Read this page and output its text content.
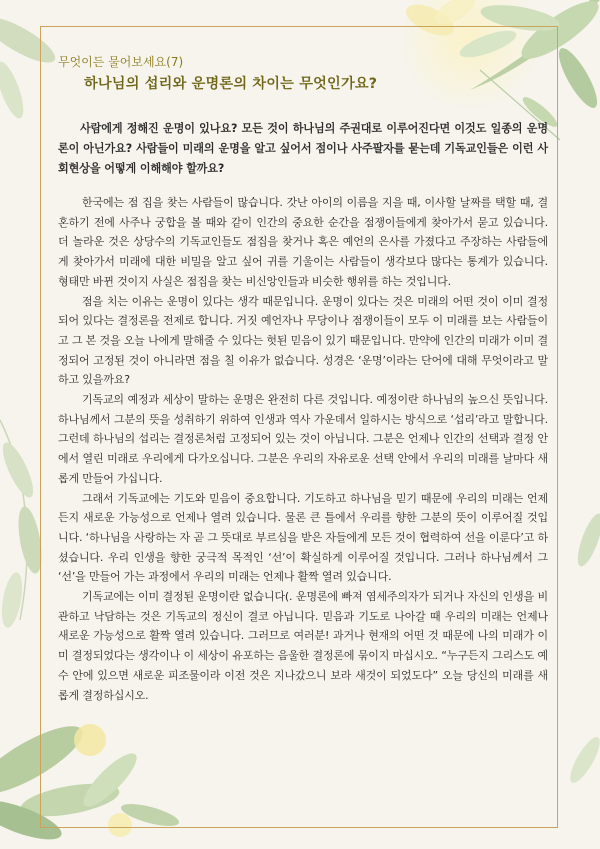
무엇이든 물어보세요(7)

하나님의 섭리와 운명론의 차이는 무엇인가요?

사람에게 정해진 운명이 있나요? 모든 것이 하나님의 주권대로 이루어진다면 이것도 일종의 운명론이 아닌가요? 사람들이 미래의 운명을 알고 싶어서 점이나 사주팔자를 묻는데 기독교인들은 이런 사회현상을 어떻게 이해해야 할까요?

한국에는 점 집을 찾는 사람들이 많습니다. 갓난 아이의 이름을 지을 때, 이사할 날짜를 택할 때, 결혼하기 전에 사주나 궁합을 볼 때와 같이 인간의 중요한 순간을 점쟁이들에게 찾아가서 묻고 있습니다. 더 놀라운 것은 상당수의 기독교인들도 점집을 찾거나 혹은 예언의 은사를 가졌다고 주장하는 사람들에게 찾아가서 미래에 대한 비밀을 알고 싶어 귀를 기울이는 사람들이 생각보다 많다는 통계가 있습니다. 형태만 바뀐 것이지 사실은 점집을 찾는 비신앙인들과 비슷한 행위를 하는 것입니다.

점을 치는 이유는 운명이 있다는 생각 때문입니다. 운명이 있다는 것은 미래의 어떤 것이 이미 결정되어 있다는 결정론을 전제로 합니다. 거짓 예언자나 무당이나 점쟁이들이 모두 이 미래를 보는 사람들이고 그 본 것을 오늘 나에게 말해줄 수 있다는 헛된 믿음이 있기 때문입니다. 만약에 인간의 미래가 이미 결정되어 고정된 것이 아니라면 점을 칠 이유가 없습니다. 성경은 ‘운명’이라는 단어에 대해 무엇이라고 말하고 있을까요?

기독교의 예정과 세상이 말하는 운명은 완전히 다른 것입니다. 예정이란 하나님의 높으신 뜻입니다. 하나님께서 그분의 뜻을 성취하기 위하여 인생과 역사 가운데서 일하시는 방식으로 ‘섭리’라고 말합니다. 그런데 하나님의 섭리는 결정론처럼 고정되어 있는 것이 아닙니다. 그분은 언제나 인간의 선택과 결정 안에서 열린 미래로 우리에게 다가오십니다. 그분은 우리의 자유로운 선택 안에서 우리의 미래를 날마다 새롭게 만들어 가십니다.

그래서 기독교에는 기도와 믿음이 중요합니다. 기도하고 하나님을 믿기 때문에 우리의 미래는 언제든지 새로운 가능성으로 언제나 열려 있습니다. 물론 큰 틀에서 우리를 향한 그분의 뜻이 이루어질 것입니다. ‘하나님을 사랑하는 자 곧 그 뜻대로 부르심을 받은 자들에게 모든 것이 협력하여 선을 이룬다’고 하셨습니다. 우리 인생을 향한 궁극적 목적인 ‘선’이 확실하게 이루어질 것입니다. 그러나 하나님께서 그 ‘선’을 만들어 가는 과정에서 우리의 미래는 언제나 활짝 열려 있습니다.

기독교에는 이미 결정된 운명이란 없습니다(. 운명론에 빠져 염세주의자가 되거나 자신의 인생을 비관하고 낙담하는 것은 기독교의 정신이 결코 아닙니다. 믿음과 기도로 나아갈 때 우리의 미래는 언제나 새로운 가능성으로 활짝 열려 있습니다. 그러므로 여러분! 과거나 현재의 어떤 것 때문에 나의 미래가 이미 결정되었다는 생각이나 이 세상이 유포하는 음울한 결정론에 묶이지 마십시오. “누구든지 그리스도 예수 안에 있으면 새로운 피조물이라 이전 것은 지나갔으니 보라 새것이 되었도다” 오늘 당신의 미래를 새롭게 결정하십시오.
